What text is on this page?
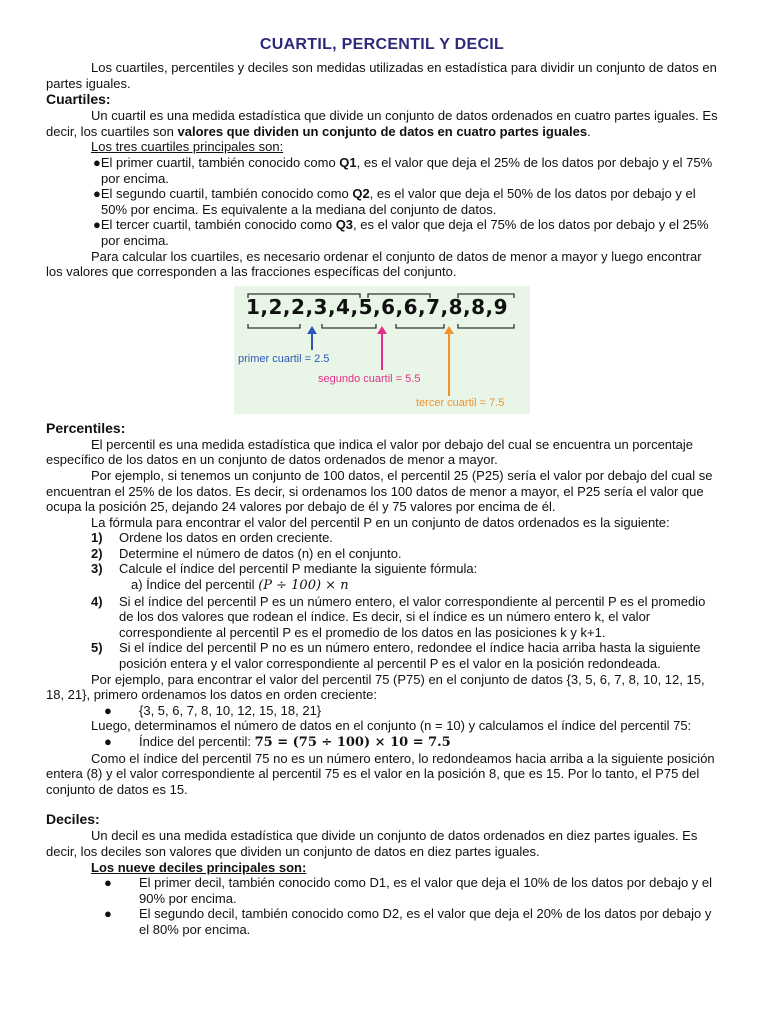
CUARTIL, PERCENTIL Y DECIL

Los cuartiles, percentiles y deciles son medidas utilizadas en estadística para dividir un conjunto de datos en partes iguales.

Cuartiles:

Un cuartil es una medida estadística que divide un conjunto de datos ordenados en cuatro partes iguales. Es decir, los cuartiles son valores que dividen un conjunto de datos en cuatro partes iguales.

Los tres cuartiles principales son:

●El primer cuartil, también conocido como Q1, es el valor que deja el 25% de los datos por debajo y el 75% por encima.

●El segundo cuartil, también conocido como Q2, es el valor que deja el 50% de los datos por debajo y el 50% por encima. Es equivalente a la mediana del conjunto de datos.

●El tercer cuartil, también conocido como Q3, es el valor que deja el 75% de los datos por debajo y el 25% por encima.

Para calcular los cuartiles, es necesario ordenar el conjunto de datos de menor a mayor y luego encontrar los valores que corresponden a las fracciones específicas del conjunto.

1,2,2,3,4,5,6,6,7,8,8,9
primer cuartil = 2.5
segundo cuartil = 5.5
tercer cuartil = 7.5

Percentiles:

El percentil es una medida estadística que indica el valor por debajo del cual se encuentra un porcentaje específico de los datos en un conjunto de datos ordenados de menor a mayor.

Por ejemplo, si tenemos un conjunto de 100 datos, el percentil 25 (P25) sería el valor por debajo del cual se encuentran el 25% de los datos. Es decir, si ordenamos los 100 datos de menor a mayor, el P25 sería el valor que ocupa la posición 25, dejando 24 valores por debajo de él y 75 valores por encima de él.

La fórmula para encontrar el valor del percentil P en un conjunto de datos ordenados es la siguiente:

1)	Ordene los datos en orden creciente.
2)	Determine el número de datos (n) en el conjunto.
3)	Calcule el índice del percentil P mediante la siguiente fórmula:

a) Índice del percentil (P ÷ 100) × n

4)	Si el índice del percentil P es un número entero, el valor correspondiente al percentil P es el promedio de los dos valores que rodean el índice. Es decir, si el índice es un número entero k, el valor correspondiente al percentil P es el promedio de los datos en las posiciones k y k+1.
5)	Si el índice del percentil P no es un número entero, redondee el índice hacia arriba hasta la siguiente posición entera y el valor correspondiente al percentil P es el valor en la posición redondeada.

Por ejemplo, para encontrar el valor del percentil 75 (P75) en el conjunto de datos {3, 5, 6, 7, 8, 10, 12, 15, 18, 21}, primero ordenamos los datos en orden creciente:

●	{3, 5, 6, 7, 8, 10, 12, 15, 18, 21}

Luego, determinamos el número de datos en el conjunto (n = 10) y calculamos el índice del percentil 75:

●	Índice del percentil: 75 = (75 ÷ 100) × 10 = 7.5

Como el índice del percentil 75 no es un número entero, lo redondeamos hacia arriba a la siguiente posición entera (8) y el valor correspondiente al percentil 75 es el valor en la posición 8, que es 15. Por lo tanto, el P75 del conjunto de datos es 15.

Deciles:

Un decil es una medida estadística que divide un conjunto de datos ordenados en diez partes iguales. Es decir, los deciles son valores que dividen un conjunto de datos en diez partes iguales.

Los nueve deciles principales son:

●	El primer decil, también conocido como D1, es el valor que deja el 10% de los datos por debajo y el 90% por encima.
●	El segundo decil, también conocido como D2, es el valor que deja el 20% de los datos por debajo y el 80% por encima.
